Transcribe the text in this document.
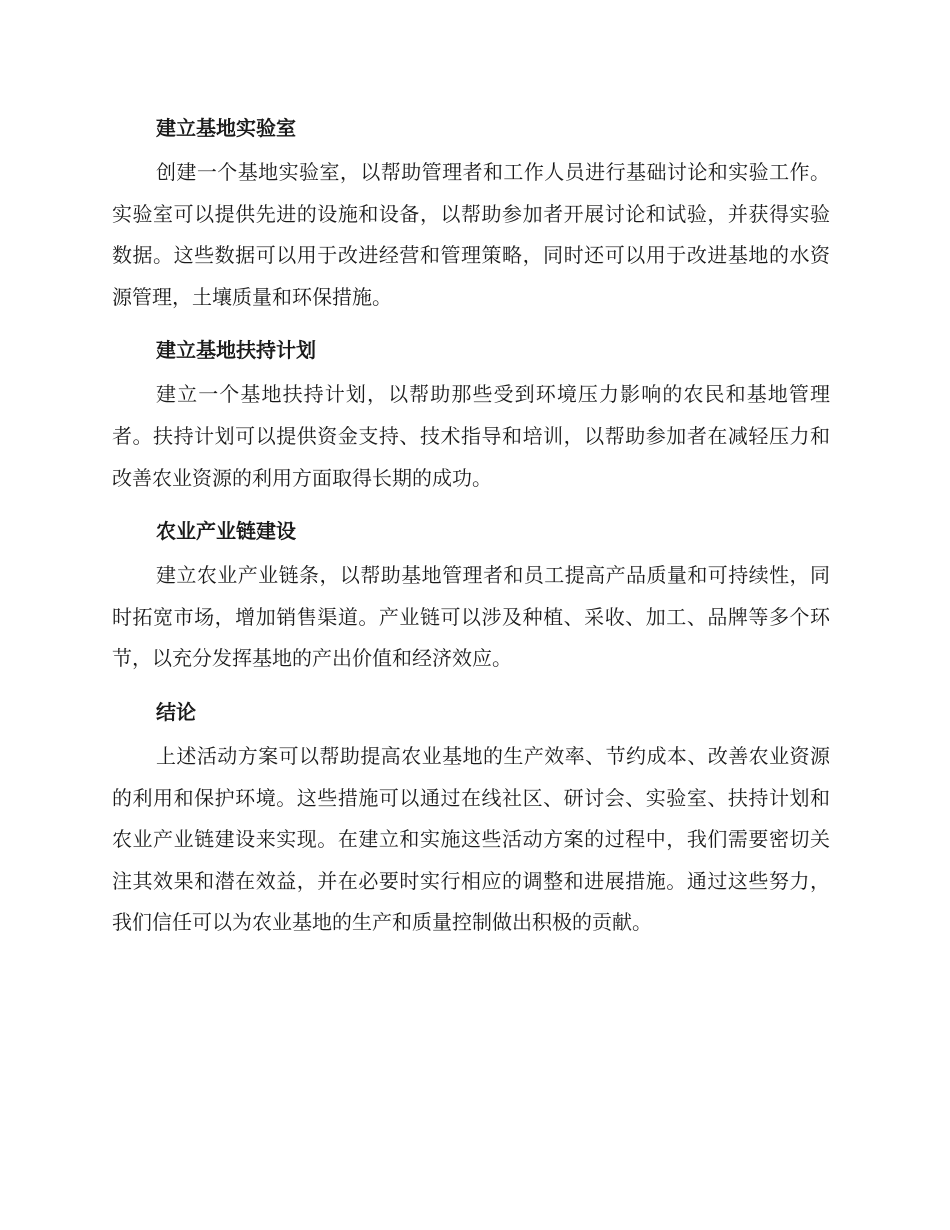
建立基地实验室

创建一个基地实验室，以帮助管理者和工作人员进行基础讨论和实验工作。实验室可以提供先进的设施和设备，以帮助参加者开展讨论和试验，并获得实验数据。这些数据可以用于改进经营和管理策略，同时还可以用于改进基地的水资源管理，土壤质量和环保措施。

建立基地扶持计划

建立一个基地扶持计划，以帮助那些受到环境压力影响的农民和基地管理者。扶持计划可以提供资金支持、技术指导和培训，以帮助参加者在减轻压力和改善农业资源的利用方面取得长期的成功。

农业产业链建设

建立农业产业链条，以帮助基地管理者和员工提高产品质量和可持续性，同时拓宽市场，增加销售渠道。产业链可以涉及种植、采收、加工、品牌等多个环节，以充分发挥基地的产出价值和经济效应。

结论

上述活动方案可以帮助提高农业基地的生产效率、节约成本、改善农业资源的利用和保护环境。这些措施可以通过在线社区、研讨会、实验室、扶持计划和农业产业链建设来实现。在建立和实施这些活动方案的过程中，我们需要密切关注其效果和潜在效益，并在必要时实行相应的调整和进展措施。通过这些努力，我们信任可以为农业基地的生产和质量控制做出积极的贡献。
